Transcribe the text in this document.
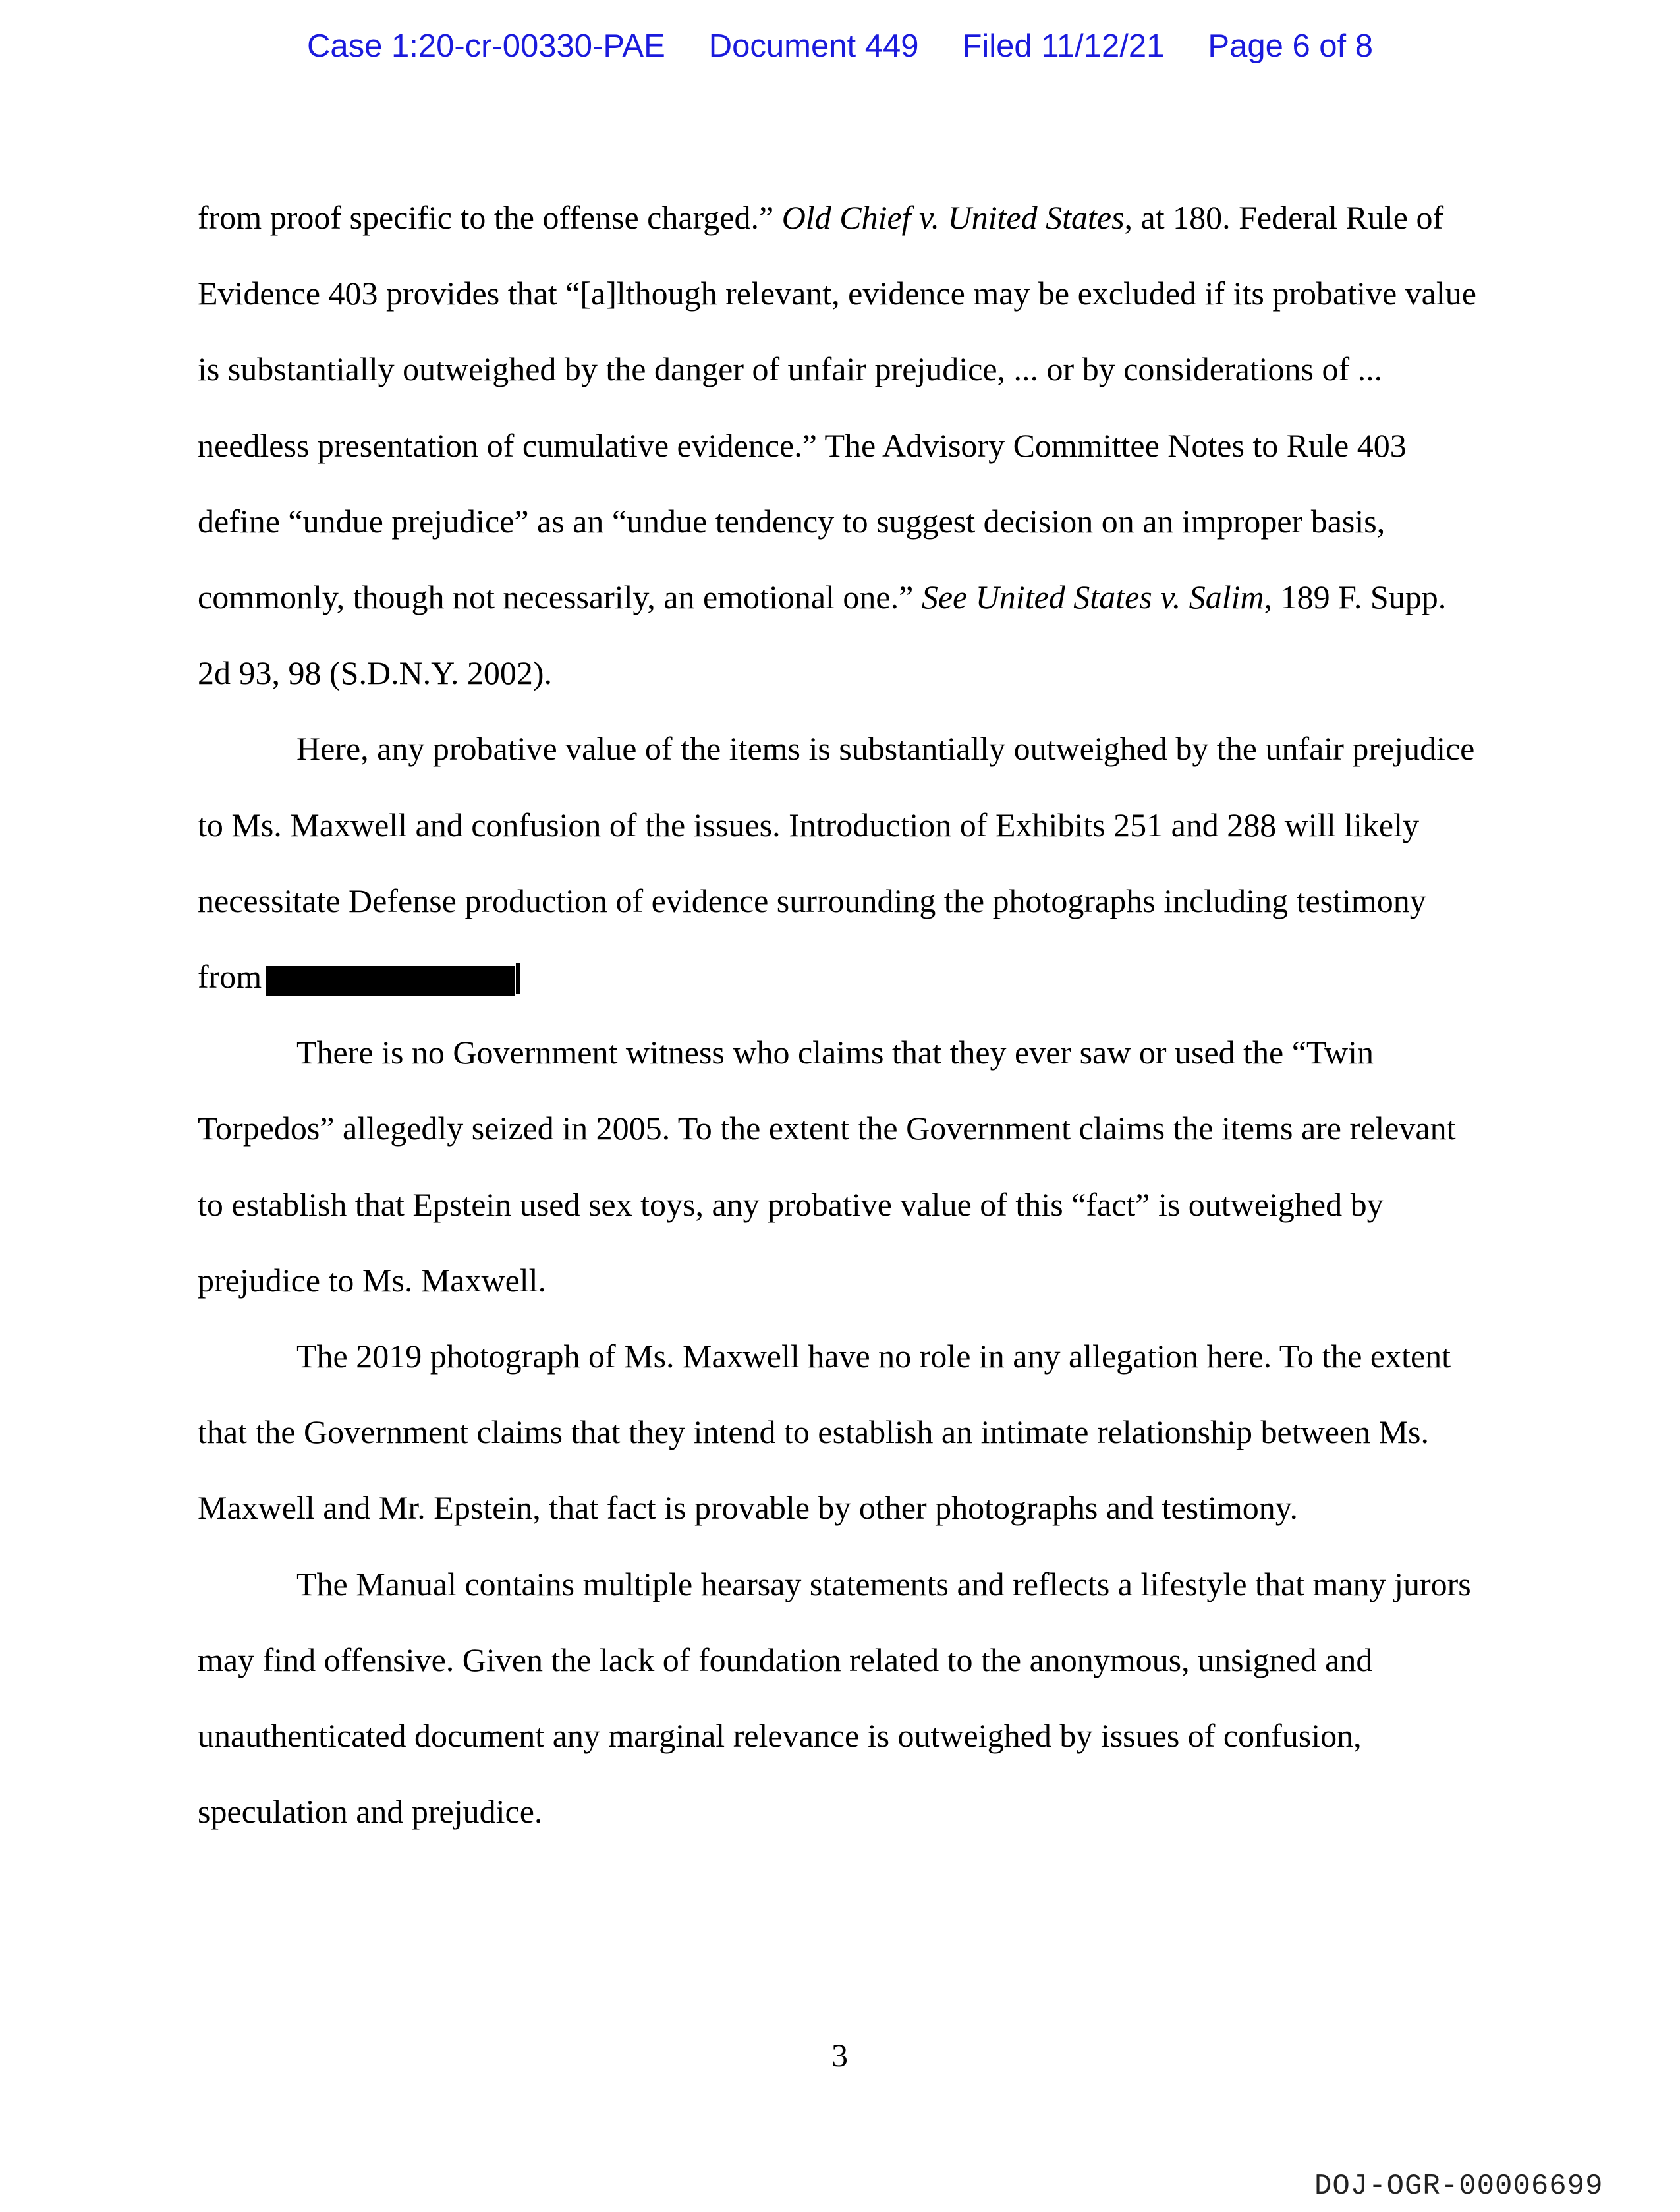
Case 1:20-cr-00330-PAE Document 449 Filed 11/12/21 Page 6 of 8
from proof specific to the offense charged.” Old Chief v. United States, at 180. Federal Rule of
Evidence 403 provides that “[a]lthough relevant, evidence may be excluded if its probative value
is substantially outweighed by the danger of unfair prejudice, ... or by considerations of ...
needless presentation of cumulative evidence.” The Advisory Committee Notes to Rule 403
define “undue prejudice” as an “undue tendency to suggest decision on an improper basis,
commonly, though not necessarily, an emotional one.” See United States v. Salim, 189 F. Supp.
2d 93, 98 (S.D.N.Y. 2002).
Here, any probative value of the items is substantially outweighed by the unfair prejudice
to Ms. Maxwell and confusion of the issues. Introduction of Exhibits 251 and 288 will likely
necessitate Defense production of evidence surrounding the photographs including testimony
from
There is no Government witness who claims that they ever saw or used the “Twin
Torpedos” allegedly seized in 2005. To the extent the Government claims the items are relevant
to establish that Epstein used sex toys, any probative value of this “fact” is outweighed by
prejudice to Ms. Maxwell.
The 2019 photograph of Ms. Maxwell have no role in any allegation here. To the extent
that the Government claims that they intend to establish an intimate relationship between Ms.
Maxwell and Mr. Epstein, that fact is provable by other photographs and testimony.
The Manual contains multiple hearsay statements and reflects a lifestyle that many jurors
may find offensive. Given the lack of foundation related to the anonymous, unsigned and
unauthenticated document any marginal relevance is outweighed by issues of confusion,
speculation and prejudice.
3
DOJ-OGR-00006699
